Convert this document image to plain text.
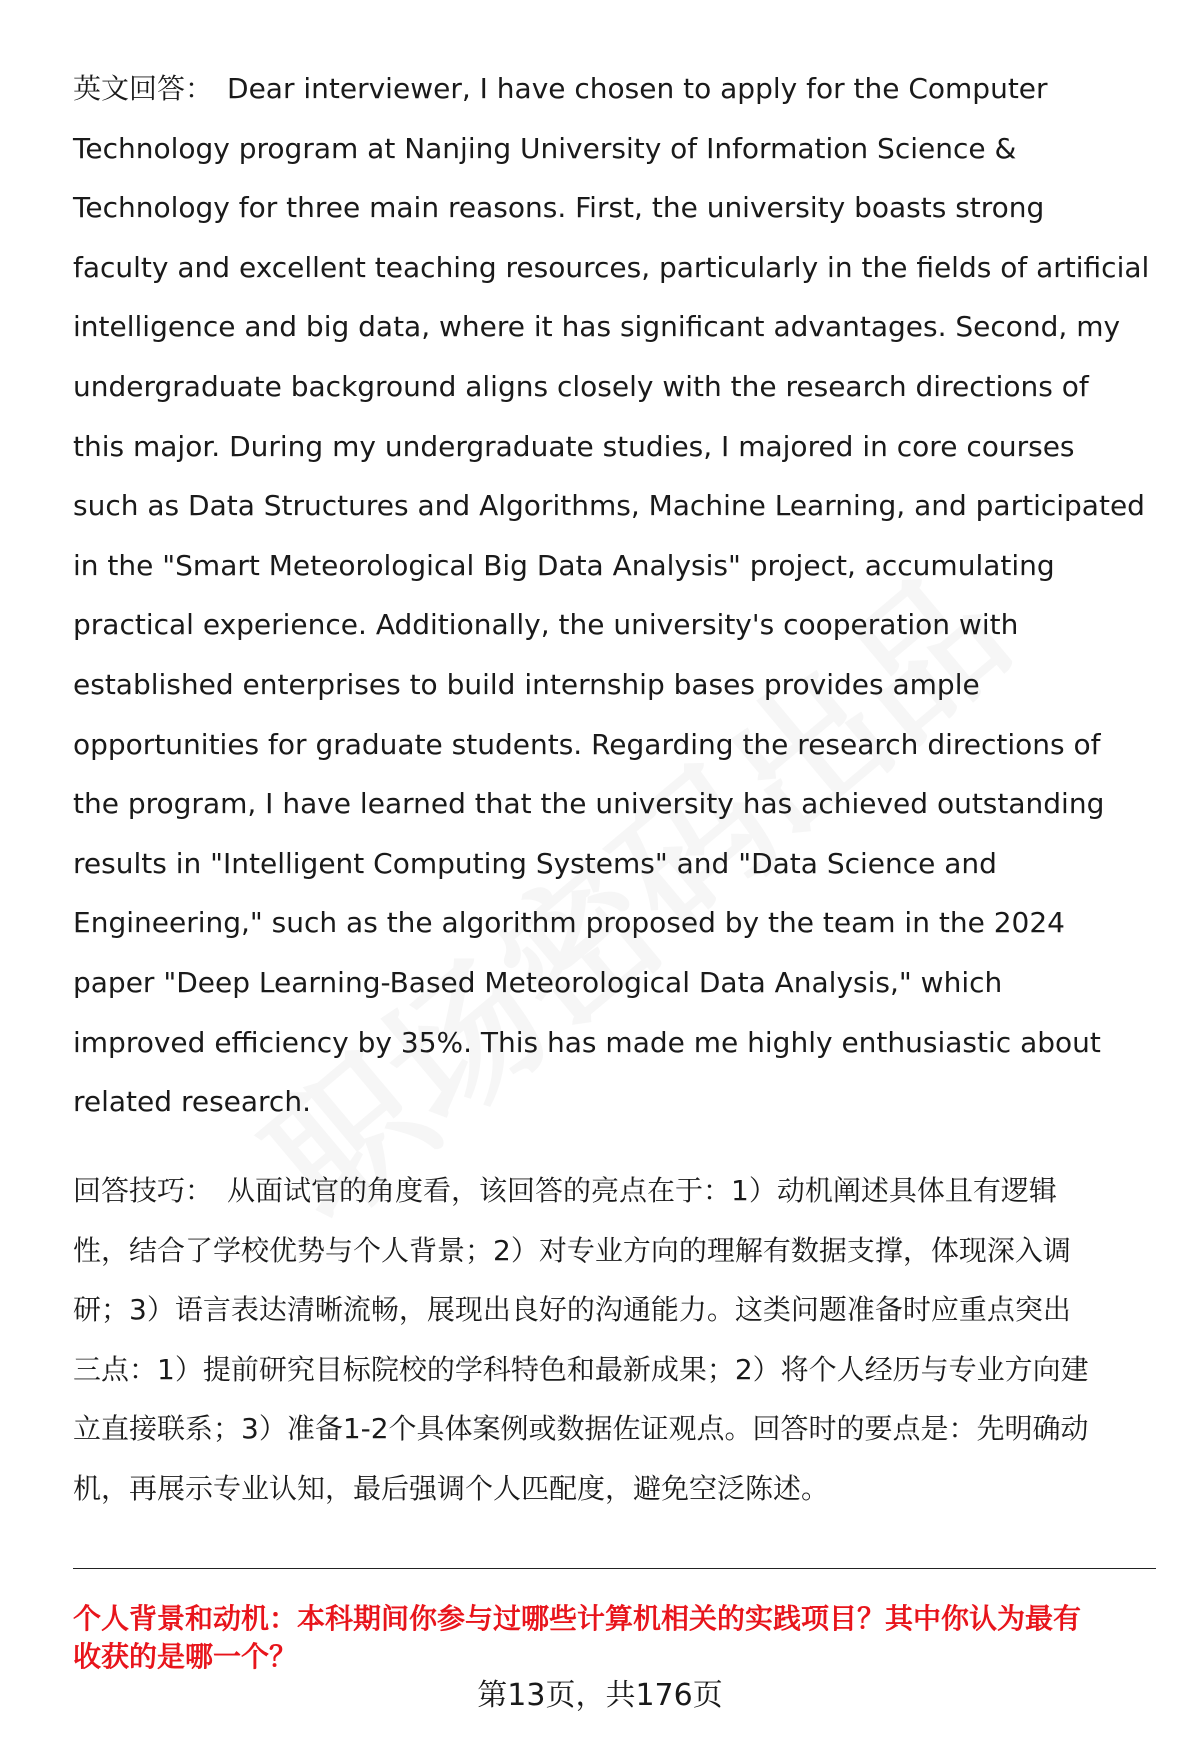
英文回答： Dear interviewer, I have chosen to apply for the Computer
Technology program at Nanjing University of Information Science &
Technology for three main reasons. First, the university boasts strong
faculty and excellent teaching resources, particularly in the fields of artificial
intelligence and big data, where it has significant advantages. Second, my
undergraduate background aligns closely with the research directions of
this major. During my undergraduate studies, I majored in core courses
such as Data Structures and Algorithms, Machine Learning, and participated
in the "Smart Meteorological Big Data Analysis" project, accumulating
practical experience. Additionally, the university's cooperation with
established enterprises to build internship bases provides ample
opportunities for graduate students. Regarding the research directions of
the program, I have learned that the university has achieved outstanding
results in "Intelligent Computing Systems" and "Data Science and
Engineering," such as the algorithm proposed by the team in the 2024
paper "Deep Learning-Based Meteorological Data Analysis," which
improved efficiency by 35%. This has made me highly enthusiastic about
related research.
回答技巧： 从面试官的角度看，该回答的亮点在于：1）动机阐述具体且有逻辑
性，结合了学校优势与个人背景；2）对专业方向的理解有数据支撑，体现深入调
研；3）语言表达清晰流畅，展现出良好的沟通能力。这类问题准备时应重点突出
三点：1）提前研究目标院校的学科特色和最新成果；2）将个人经历与专业方向建
立直接联系；3）准备1-2个具体案例或数据佐证观点。回答时的要点是：先明确动
机，再展示专业认知，最后强调个人匹配度，避免空泛陈述。
个人背景和动机：本科期间你参与过哪些计算机相关的实践项目？其中你认为最有
收获的是哪一个？
第13页，共176页
